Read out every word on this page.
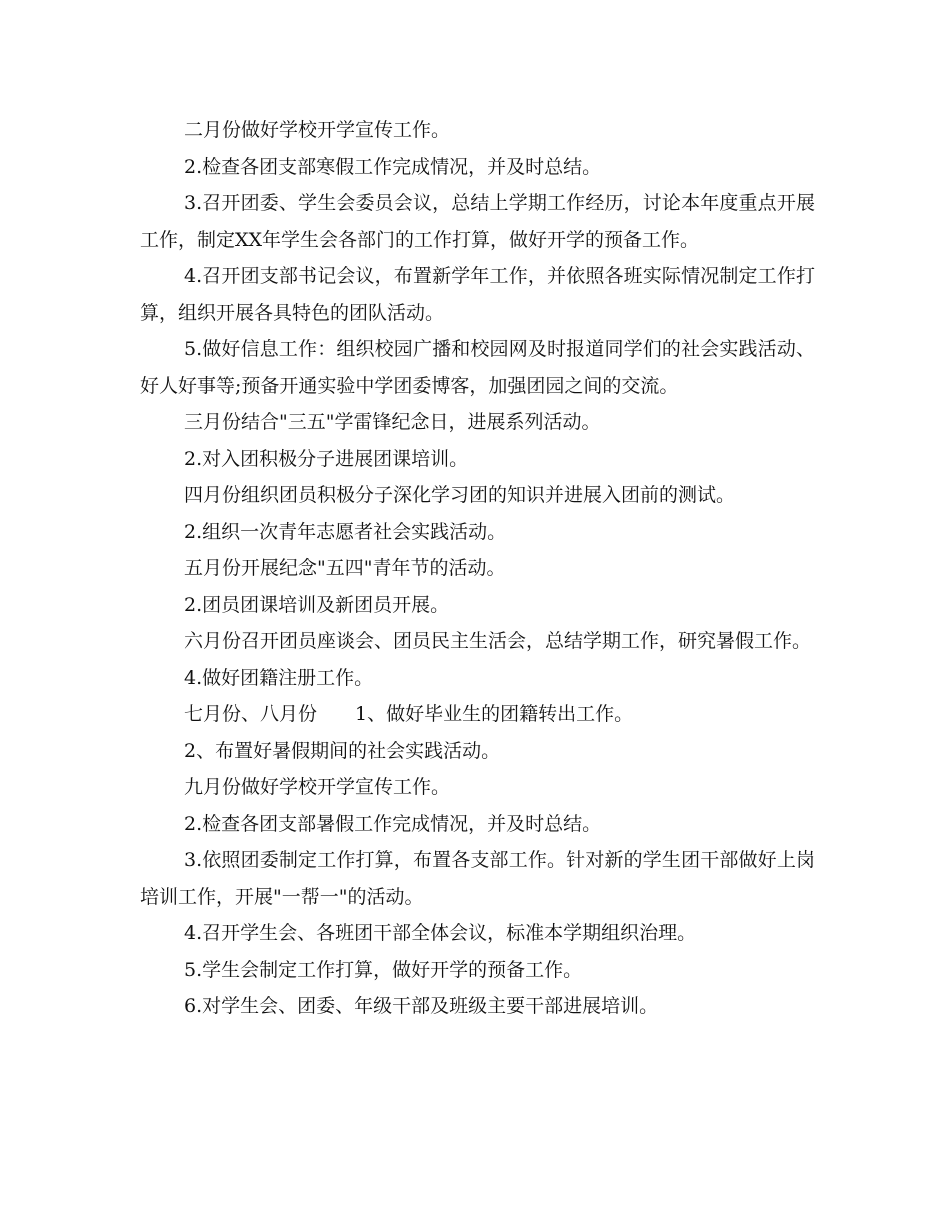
二月份做好学校开学宣传工作。

2.检查各团支部寒假工作完成情况，并及时总结。

3.召开团委、学生会委员会议，总结上学期工作经历，讨论本年度重点开展工作，制定XX年学生会各部门的工作打算，做好开学的预备工作。

4.召开团支部书记会议，布置新学年工作，并依照各班实际情况制定工作打算，组织开展各具特色的团队活动。

5.做好信息工作：组织校园广播和校园网及时报道同学们的社会实践活动、好人好事等;预备开通实验中学团委博客，加强团园之间的交流。

三月份结合"三五"学雷锋纪念日，进展系列活动。

2.对入团积极分子进展团课培训。

四月份组织团员积极分子深化学习团的知识并进展入团前的测试。

2.组织一次青年志愿者社会实践活动。

五月份开展纪念"五四"青年节的活动。

2.团员团课培训及新团员开展。

六月份召开团员座谈会、团员民主生活会，总结学期工作，研究暑假工作。

4.做好团籍注册工作。

七月份、八月份　　1、做好毕业生的团籍转出工作。

2、布置好暑假期间的社会实践活动。

九月份做好学校开学宣传工作。

2.检查各团支部暑假工作完成情况，并及时总结。

3.依照团委制定工作打算，布置各支部工作。针对新的学生团干部做好上岗培训工作，开展"一帮一"的活动。

4.召开学生会、各班团干部全体会议，标准本学期组织治理。

5.学生会制定工作打算，做好开学的预备工作。

6.对学生会、团委、年级干部及班级主要干部进展培训。
